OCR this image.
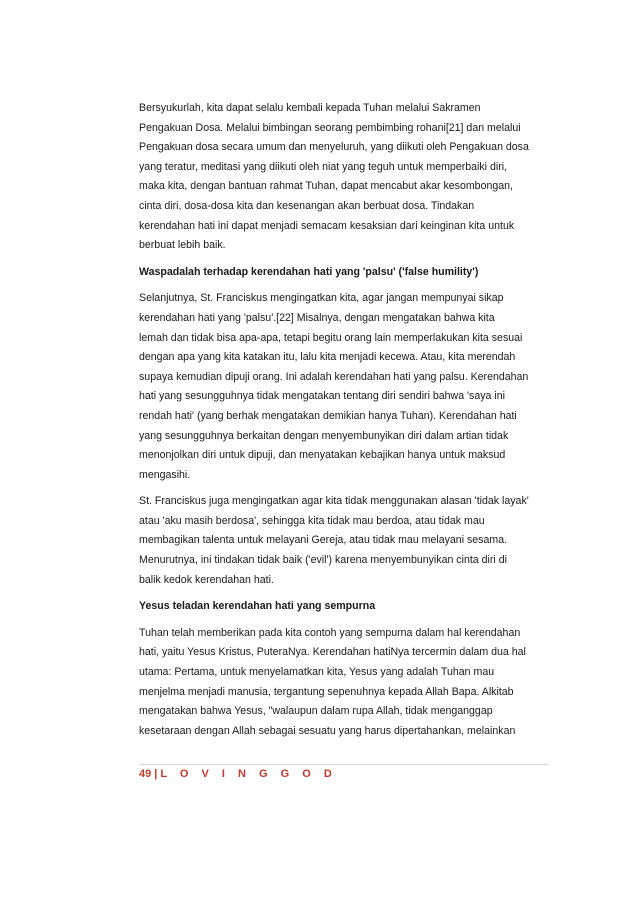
Bersyukurlah, kita dapat selalu kembali kepada Tuhan melalui Sakramen
Pengakuan Dosa. Melalui bimbingan seorang pembimbing rohani[21] dan melalui
Pengakuan dosa secara umum dan menyeluruh, yang diikuti oleh Pengakuan dosa
yang teratur, meditasi yang diikuti oleh niat yang teguh untuk memperbaiki diri,
maka kita, dengan bantuan rahmat Tuhan, dapat mencabut akar kesombongan,
cinta diri, dosa-dosa kita dan kesenangan akan berbuat dosa. Tindakan
kerendahan hati ini dapat menjadi semacam kesaksian dari keinginan kita untuk
berbuat lebih baik.
Waspadalah terhadap kerendahan hati yang 'palsu' ('false humility')
Selanjutnya, St. Franciskus mengingatkan kita, agar jangan mempunyai sikap
kerendahan hati yang 'palsu'.[22] Misalnya, dengan mengatakan bahwa kita
lemah dan tidak bisa apa-apa, tetapi begitu orang lain memperlakukan kita sesuai
dengan apa yang kita katakan itu, lalu kita menjadi kecewa. Atau, kita merendah
supaya kemudian dipuji orang. Ini adalah kerendahan hati yang palsu. Kerendahan
hati yang sesungguhnya tidak mengatakan tentang diri sendiri bahwa 'saya ini
rendah hati' (yang berhak mengatakan demikian hanya Tuhan). Kerendahan hati
yang sesungguhnya berkaitan dengan menyembunyikan diri dalam artian tidak
menonjolkan diri untuk dipuji, dan menyatakan kebajikan hanya untuk maksud
mengasihi.
St. Franciskus juga mengingatkan agar kita tidak menggunakan alasan 'tidak layak'
atau 'aku masih berdosa', sehingga kita tidak mau berdoa, atau tidak mau
membagikan talenta untuk melayani Gereja, atau tidak mau melayani sesama.
Menurutnya, ini tindakan tidak baik ('evil') karena menyembunyikan cinta diri di
balik kedok kerendahan hati.
Yesus teladan kerendahan hati yang sempurna
Tuhan telah memberikan pada kita contoh yang sempurna dalam hal kerendahan
hati, yaitu Yesus Kristus, PuteraNya. Kerendahan hatiNya tercermin dalam dua hal
utama: Pertama, untuk menyelamatkan kita, Yesus yang adalah Tuhan mau
menjelma menjadi manusia, tergantung sepenuhnya kepada Allah Bapa. Alkitab
mengatakan bahwa Yesus, "walaupun dalam rupa Allah, tidak menganggap
kesetaraan dengan Allah sebagai sesuatu yang harus dipertahankan, melainkan
49 | L O V I N G G O D
